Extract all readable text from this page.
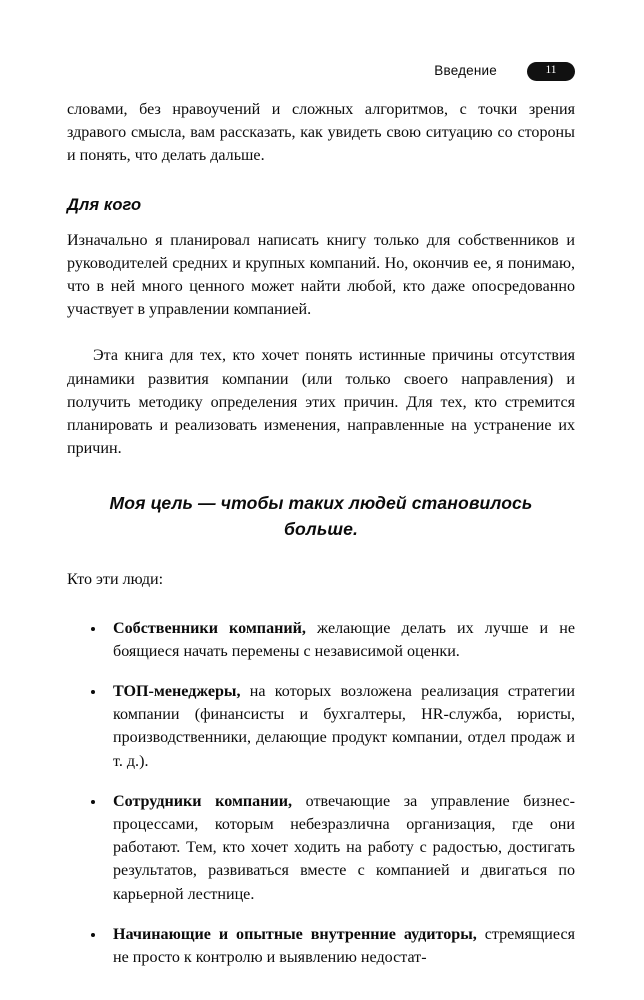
Введение	11

словами, без нравоучений и сложных алгоритмов, с точки зрения здравого смысла, вам рассказать, как увидеть свою ситуацию со стороны и понять, что делать дальше.

Для кого

Изначально я планировал написать книгу только для собственников и руководителей средних и крупных компаний. Но, окончив ее, я понимаю, что в ней много ценного может найти любой, кто даже опосредованно участвует в управлении компанией.

Эта книга для тех, кто хочет понять истинные причины отсутствия динамики развития компании (или только своего направления) и получить методику определения этих причин. Для тех, кто стремится планировать и реализовать изменения, направленные на устранение их причин.

Моя цель — чтобы таких людей становилось больше.

Кто эти люди:

Собственники компаний, желающие делать их лучше и не боящиеся начать перемены с независимой оценки.
ТОП-менеджеры, на которых возложена реализация стратегии компании (финансисты и бухгалтеры, HR-служба, юристы, производственники, делающие продукт компании, отдел продаж и т. д.).
Сотрудники компании, отвечающие за управление бизнес-процессами, которым небезразлична организация, где они работают. Тем, кто хочет ходить на работу с радостью, достигать результатов, развиваться вместе с компанией и двигаться по карьерной лестнице.
Начинающие и опытные внутренние аудиторы, стремящиеся не просто к контролю и выявлению недостат-
